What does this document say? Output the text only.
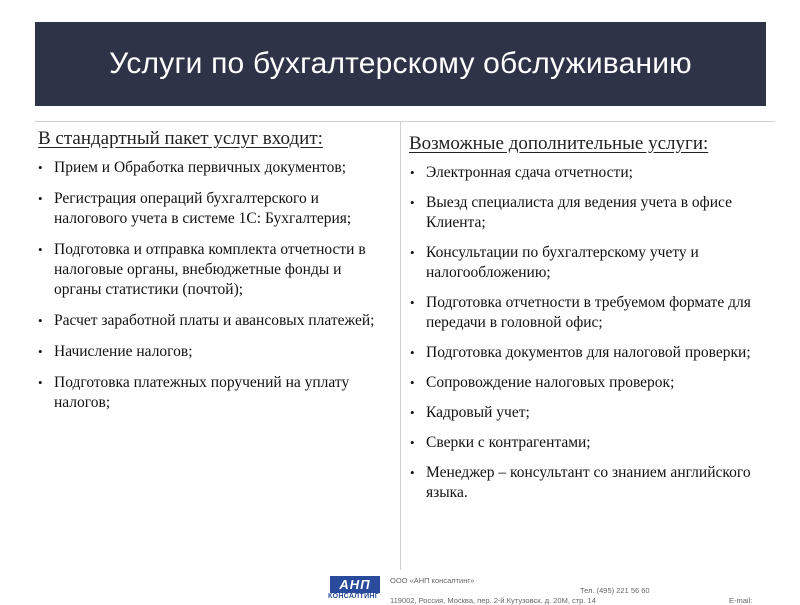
Услуги по бухгалтерскому обслуживанию
В стандартный пакет услуг входит:
• Прием и Обработка первичных документов;
• Регистрация операций бухгалтерского и налогового учета в системе 1С: Бухгалтерия;
• Подготовка и отправка комплекта отчетности в налоговые органы, внебюджетные фонды и органы статистики (почтой);
• Расчет заработной платы и авансовых платежей;
• Начисление налогов;
• Подготовка платежных поручений на уплату налогов;
Возможные дополнительные услуги:
• Электронная сдача отчетности;
• Выезд специалиста для ведения учета в офисе Клиента;
• Консультации по бухгалтерскому учету и налогообложению;
• Подготовка отчетности в требуемом формате для передачи в головной офис;
• Подготовка документов для налоговой проверки;
• Сопровождение налоговых проверок;
• Кадровый учет;
• Сверки с контрагентами;
• Менеджер – консультант со знанием английского языка.
АНП
КОНСАЛТИНГ
ООО «АНП консалтинг»
Тел. (495) 221 56 60
119002, Россия, Москва, пер. 2-й Кутузовск. д. 20М, стр. 14	E-mail:
